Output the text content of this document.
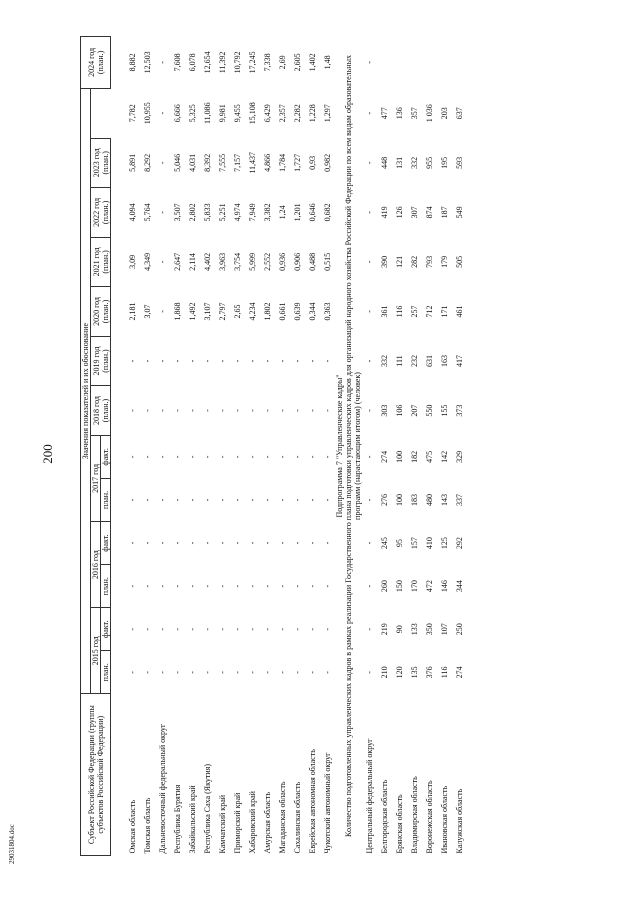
200
29031804.doc	Субъект Российской Федерации (группы субъектов Российской Федерации)	Значения показателей и их обоснование													2024 год (план.)
	2015 год		2016 год		2017 год		2018 год (план.)	2019 год (план.)	2020 год (план.)	2021 год (план.)	2022 год (план.)	2023 год (план.)		
	план.	факт.	план.	факт.	план.	факт.								

Омская область	-	-	-	-	-	-	-	-	2,181	3,09	4,094	5,891	7,782	8,882
Томская область	-	-	-	-	-	-	-	-	3,07	4,349	5,764	8,292	10,955	12,503
Дальневосточный федеральный округ	-	-	-	-	-	-	-	-	-	-	-	-	-	-
Республика Бурятия	-	-	-	-	-	-	-	-	1,868	2,647	3,507	5,046	6,666	7,608
Забайкальский край	-	-	-	-	-	-	-	-	1,492	2,114	2,802	4,031	5,325	6,078
Республика Саха (Якутия)	-	-	-	-	-	-	-	-	3,107	4,402	5,833	8,392	11,086	12,654
Камчатский край	-	-	-	-	-	-	-	-	2,797	3,963	5,251	7,555	9,981	11,392
Приморский край	-	-	-	-	-	-	-	-	2,65	3,754	4,974	7,157	9,455	10,792
Хабаровский край	-	-	-	-	-	-	-	-	4,234	5,999	7,949	11,437	15,108	17,245
Амурская область	-	-	-	-	-	-	-	-	1,802	2,552	3,382	4,866	6,429	7,338
Магаданская область	-	-	-	-	-	-	-	-	0,661	0,936	1,24	1,784	2,357	2,69
Сахалинская область	-	-	-	-	-	-	-	-	0,639	0,906	1,201	1,727	2,282	2,605
Еврейская автономная область	-	-	-	-	-	-	-	-	0,344	0,488	0,646	0,93	1,228	1,402
Чукотский автономный округ	-	-	-	-	-	-	-	-	0,363	0,515	0,682	0,982	1,297	1,48
Подпрограмма 7 "Управленческие кадры"														
Количество подготовленных управленческих кадров в рамках реализации Государственного плана подготовки управленческих кадров для организаций народного хозяйства Российской Федерации по всем видам образовательных программ (нарастающим итогом) (человек)														
Центральный федеральный округ	-	-	-	-	-	-	-	-	-	-	-	-	-	-
Белгородская область	210	219	260	245	276	274	303	332	361	390	419	448	477	
Брянская область	120	90	150	95	100	100	106	111	116	121	126	131	136	
Владимирская область	135	133	170	157	183	182	207	232	257	282	307	332	357	
Воронежская область	376	350	472	410	480	475	550	631	712	793	874	955	1 036	
Ивановская область	116	107	146	125	143	142	155	163	171	179	187	195	203	
Калужская область	274	250	344	292	337	329	373	417	461	505	549	593	637	
